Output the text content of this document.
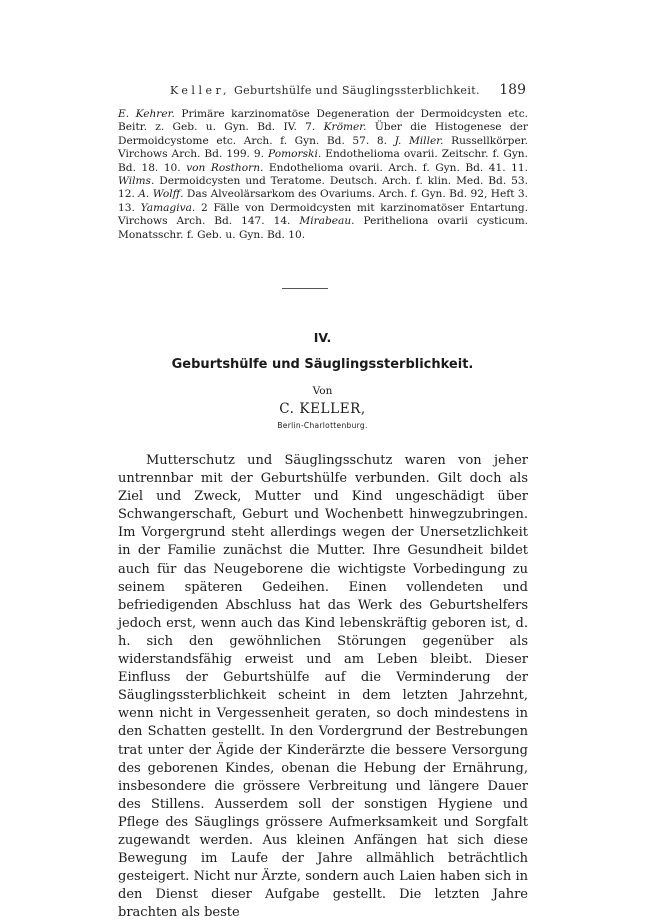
Keller, Geburtshülfe und Säuglingssterblichkeit. 189

E. Kehrer. Primäre karzinomatöse Degeneration der Dermoidcysten etc. Beitr. z. Geb. u. Gyn. Bd. IV. 7. Krömer. Über die Histogenese der Dermoidcystome etc. Arch. f. Gyn. Bd. 57. 8. J. Miller. Russellkörper. Virchows Arch. Bd. 199. 9. Pomorski. Endothelioma ovarii. Zeitschr. f. Gyn. Bd. 18. 10. von Rosthorn. Endothelioma ovarii. Arch. f. Gyn. Bd. 41. 11. Wilms. Dermoidcysten und Teratome. Deutsch. Arch. f. klin. Med. Bd. 53. 12. A. Wolff. Das Alveolärsarkom des Ovariums. Arch. f. Gyn. Bd. 92, Heft 3. 13. Yamagiva. 2 Fälle von Dermoidcysten mit karzinomatöser Entartung. Virchows Arch. Bd. 147. 14. Mirabeau. Peritheliona ovarii cysticum. Monatsschr. f. Geb. u. Gyn. Bd. 10.

IV.
Geburtshülfe und Säuglingssterblichkeit.
Von
C. KELLER,
Berlin-Charlottenburg.

Mutterschutz und Säuglingsschutz waren von jeher untrennbar mit der Geburtshülfe verbunden. Gilt doch als Ziel und Zweck, Mutter und Kind ungeschädigt über Schwangerschaft, Geburt und Wochenbett hinwegzubringen. Im Vorgergrund steht allerdings wegen der Unersetzlichkeit in der Familie zunächst die Mutter. Ihre Gesundheit bildet auch für das Neugeborene die wichtigste Vorbedingung zu seinem späteren Gedeihen. Einen vollendeten und befriedigenden Abschluss hat das Werk des Geburtshelfers jedoch erst, wenn auch das Kind lebenskräftig geboren ist, d. h. sich den gewöhnlichen Störungen gegenüber als widerstandsfähig erweist und am Leben bleibt. Dieser Einfluss der Geburtshülfe auf die Verminderung der Säuglingssterblichkeit scheint in dem letzten Jahrzehnt, wenn nicht in Vergessenheit geraten, so doch mindestens in den Schatten gestellt. In den Vordergrund der Bestrebungen trat unter der Ägide der Kinderärzte die bessere Versorgung des geborenen Kindes, obenan die Hebung der Ernährung, insbesondere die grössere Verbreitung und längere Dauer des Stillens. Ausserdem soll der sonstigen Hygiene und Pflege des Säuglings grössere Aufmerksamkeit und Sorgfalt zugewandt werden. Aus kleinen Anfängen hat sich diese Bewegung im Laufe der Jahre allmählich beträchtlich gesteigert. Nicht nur Ärzte, sondern auch Laien haben sich in den Dienst dieser Aufgabe gestellt. Die letzten Jahre brachten als beste
